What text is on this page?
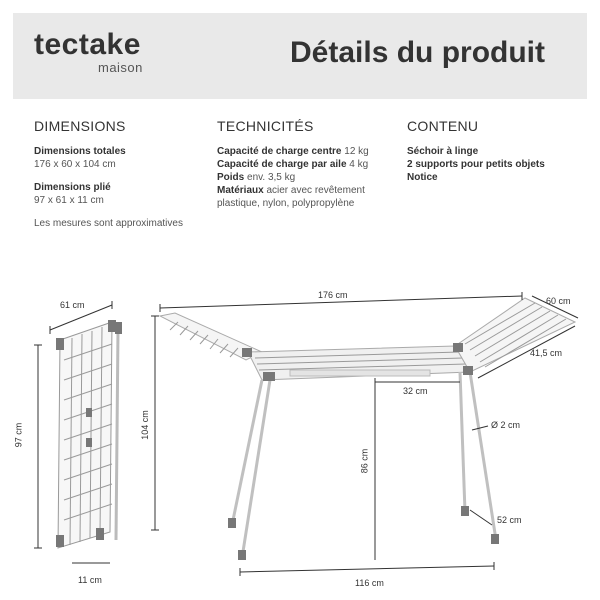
tectake
maison	Détails du produit
DIMENSIONS
Dimensions totales
176 x 60 x 104 cm
Dimensions plié
97 x 61 x 11 cm
Les mesures sont approximatives
TECHNICITÉS
Capacité de charge centre 12 kg
Capacité de charge par aile 4 kg
Poids env. 3,5 kg
Matériaux acier avec revêtement plastique, nylon, polypropylène
CONTENU
Séchoir à linge
2 supports pour petits objets
Notice
61 cm
97 cm
11 cm
176 cm
60 cm
41,5 cm
104 cm
32 cm
Ø 2 cm
86 cm
52 cm
116 cm
